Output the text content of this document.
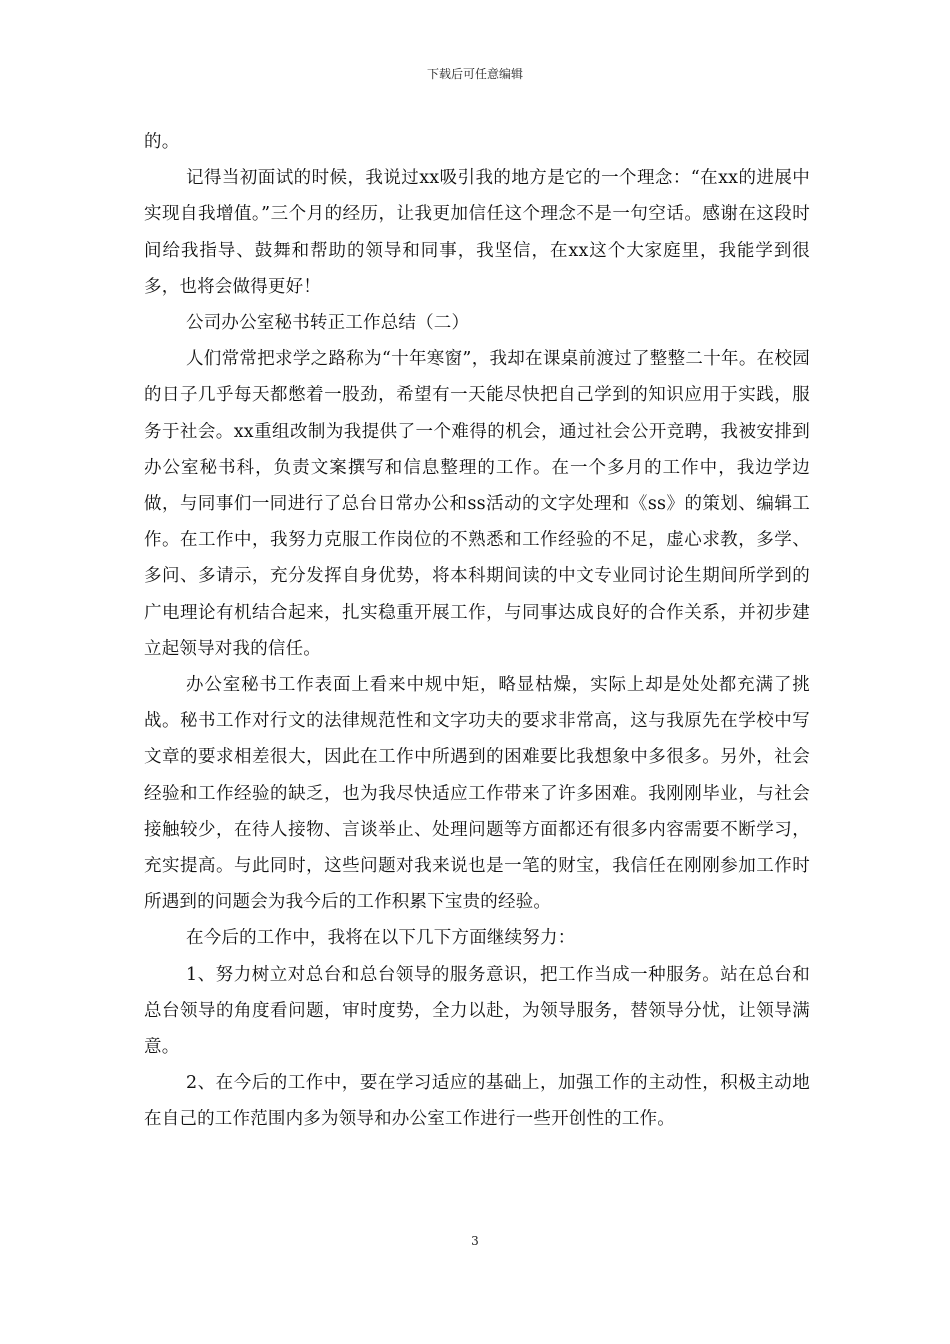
下载后可任意编辑

的。

记得当初面试的时候，我说过xx吸引我的地方是它的一个理念：“在xx的进展中实现自我增值。”三个月的经历，让我更加信任这个理念不是一句空话。感谢在这段时间给我指导、鼓舞和帮助的领导和同事，我坚信，在xx这个大家庭里，我能学到很多，也将会做得更好！

公司办公室秘书转正工作总结（二）

人们常常把求学之路称为“十年寒窗”，我却在课桌前渡过了整整二十年。在校园的日子几乎每天都憋着一股劲，希望有一天能尽快把自己学到的知识应用于实践，服务于社会。xx重组改制为我提供了一个难得的机会，通过社会公开竞聘，我被安排到办公室秘书科，负责文案撰写和信息整理的工作。在一个多月的工作中，我边学边做，与同事们一同进行了总台日常办公和ss活动的文字处理和《ss》的策划、编辑工作。在工作中，我努力克服工作岗位的不熟悉和工作经验的不足，虚心求教，多学、多问、多请示，充分发挥自身优势，将本科期间读的中文专业同讨论生期间所学到的广电理论有机结合起来，扎实稳重开展工作，与同事达成良好的合作关系，并初步建立起领导对我的信任。

办公室秘书工作表面上看来中规中矩，略显枯燥，实际上却是处处都充满了挑战。秘书工作对行文的法律规范性和文字功夫的要求非常高，这与我原先在学校中写文章的要求相差很大，因此在工作中所遇到的困难要比我想象中多很多。另外，社会经验和工作经验的缺乏，也为我尽快适应工作带来了许多困难。我刚刚毕业，与社会接触较少，在待人接物、言谈举止、处理问题等方面都还有很多内容需要不断学习，充实提高。与此同时，这些问题对我来说也是一笔的财宝，我信任在刚刚参加工作时所遇到的问题会为我今后的工作积累下宝贵的经验。

在今后的工作中，我将在以下几下方面继续努力：

1、努力树立对总台和总台领导的服务意识，把工作当成一种服务。站在总台和总台领导的角度看问题，审时度势，全力以赴，为领导服务，替领导分忧，让领导满意。

2、在今后的工作中，要在学习适应的基础上，加强工作的主动性，积极主动地在自己的工作范围内多为领导和办公室工作进行一些开创性的工作。

3
